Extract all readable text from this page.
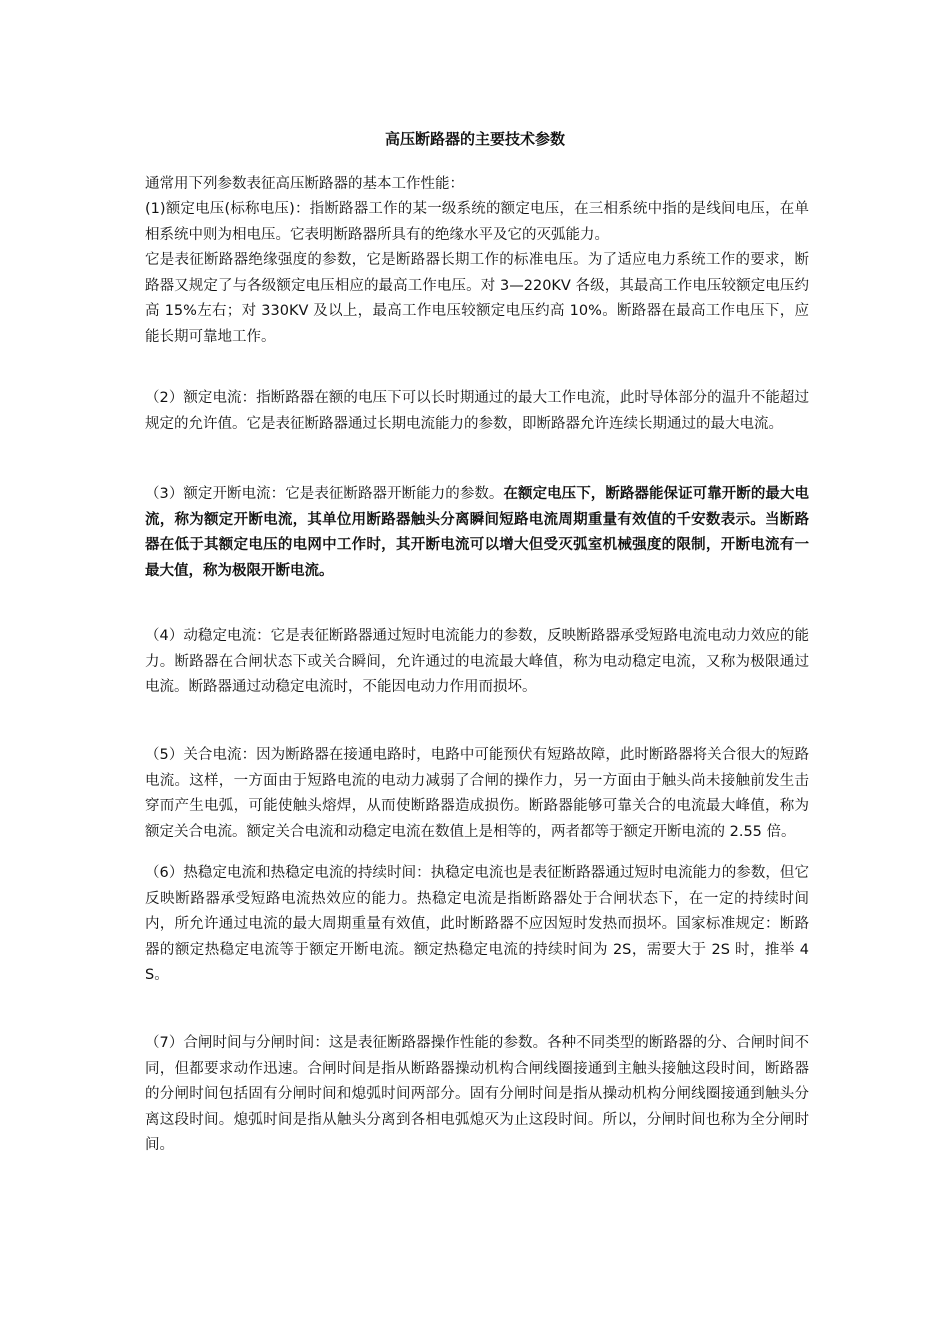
高压断路器的主要技术参数

通常用下列参数表征高压断路器的基本工作性能：

(1)额定电压(标称电压)：指断路器工作的某一级系统的额定电压，在三相系统中指的是线间电压，在单相系统中则为相电压。它表明断路器所具有的绝缘水平及它的灭弧能力。

它是表征断路器绝缘强度的参数，它是断路器长期工作的标准电压。为了适应电力系统工作的要求，断路器又规定了与各级额定电压相应的最高工作电压。对 3—220KV 各级，其最高工作电压较额定电压约高 15%左右；对 330KV 及以上，最高工作电压较额定电压约高 10%。断路器在最高工作电压下，应能长期可靠地工作。

（2）额定电流：指断路器在额的电压下可以长时期通过的最大工作电流，此时导体部分的温升不能超过规定的允许值。它是表征断路器通过长期电流能力的参数，即断路器允许连续长期通过的最大电流。

（3）额定开断电流：它是表征断路器开断能力的参数。在额定电压下，断路器能保证可靠开断的最大电流，称为额定开断电流，其单位用断路器触头分离瞬间短路电流周期重量有效值的千安数表示。当断路器在低于其额定电压的电网中工作时，其开断电流可以增大但受灭弧室机械强度的限制，开断电流有一最大值，称为极限开断电流。

（4）动稳定电流：它是表征断路器通过短时电流能力的参数，反映断路器承受短路电流电动力效应的能力。断路器在合闸状态下或关合瞬间，允许通过的电流最大峰值，称为电动稳定电流，又称为极限通过电流。断路器通过动稳定电流时，不能因电动力作用而损坏。

（5）关合电流：因为断路器在接通电路时，电路中可能预伏有短路故障，此时断路器将关合很大的短路电流。这样，一方面由于短路电流的电动力减弱了合闸的操作力，另一方面由于触头尚未接触前发生击穿而产生电弧，可能使触头熔焊，从而使断路器造成损伤。断路器能够可靠关合的电流最大峰值，称为额定关合电流。额定关合电流和动稳定电流在数值上是相等的，两者都等于额定开断电流的 2.55 倍。

（6）热稳定电流和热稳定电流的持续时间：执稳定电流也是表征断路器通过短时电流能力的参数，但它反映断路器承受短路电流热效应的能力。热稳定电流是指断路器处于合闸状态下，在一定的持续时间内，所允许通过电流的最大周期重量有效值，此时断路器不应因短时发热而损坏。国家标准规定：断路器的额定热稳定电流等于额定开断电流。额定热稳定电流的持续时间为 2S，需要大于 2S 时，推举 4S。

（7）合闸时间与分闸时间：这是表征断路器操作性能的参数。各种不同类型的断路器的分、合闸时间不同，但都要求动作迅速。合闸时间是指从断路器操动机构合闸线圈接通到主触头接触这段时间，断路器的分闸时间包括固有分闸时间和熄弧时间两部分。固有分闸时间是指从操动机构分闸线圈接通到触头分离这段时间。熄弧时间是指从触头分离到各相电弧熄灭为止这段时间。所以，分闸时间也称为全分闸时间。
